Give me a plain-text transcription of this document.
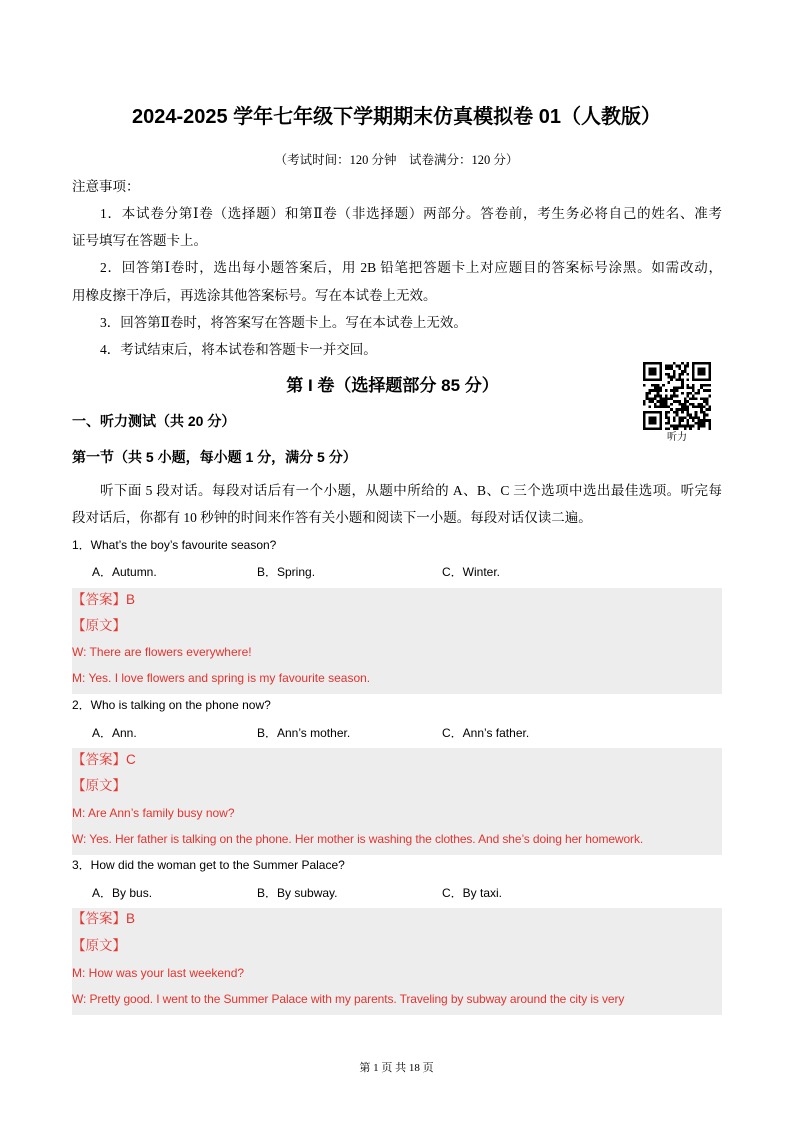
2024-2025 学年七年级下学期期末仿真模拟卷 01（人教版）
（考试时间：120 分钟    试卷满分：120 分）
注意事项：
1．本试卷分第Ⅰ卷（选择题）和第Ⅱ卷（非选择题）两部分。答卷前，考生务必将自己的姓名、准考
证号填写在答题卡上。
2．回答第Ⅰ卷时，选出每小题答案后，用 2B 铅笔把答题卡上对应题目的答案标号涂黑。如需改动，
用橡皮擦干净后，再选涂其他答案标号。写在本试卷上无效。
3．回答第Ⅱ卷时，将答案写在答题卡上。写在本试卷上无效。
4．考试结束后，将本试卷和答题卡一并交回。
第 I 卷（选择题部分 85 分）
听力
一、听力测试（共 20 分）
第一节（共 5 小题，每小题 1 分，满分 5 分）
听下面 5 段对话。每段对话后有一个小题，从题中所给的 A、B、C 三个选项中选出最佳选项。听完每
段对话后，你都有 10 秒钟的时间来作答有关小题和阅读下一小题。每段对话仅读二遍。
1．What’s the boy’s favourite season?
A．Autumn.	B．Spring.	C．Winter.
【答案】B
【原文】
W: There are flowers everywhere!
M: Yes. I love flowers and spring is my favourite season.
2．Who is talking on the phone now?
A．Ann.	B．Ann’s mother.	C．Ann’s father.
【答案】C
【原文】
M: Are Ann’s family busy now?
W: Yes. Her father is talking on the phone. Her mother is washing the clothes. And she’s doing her homework.
3．How did the woman get to the Summer Palace?
A．By bus.	B．By subway.	C．By taxi.
【答案】B
【原文】
M: How was your last weekend?
W: Pretty good. I went to the Summer Palace with my parents. Traveling by subway around the city is very
第 1 页 共 18 页
